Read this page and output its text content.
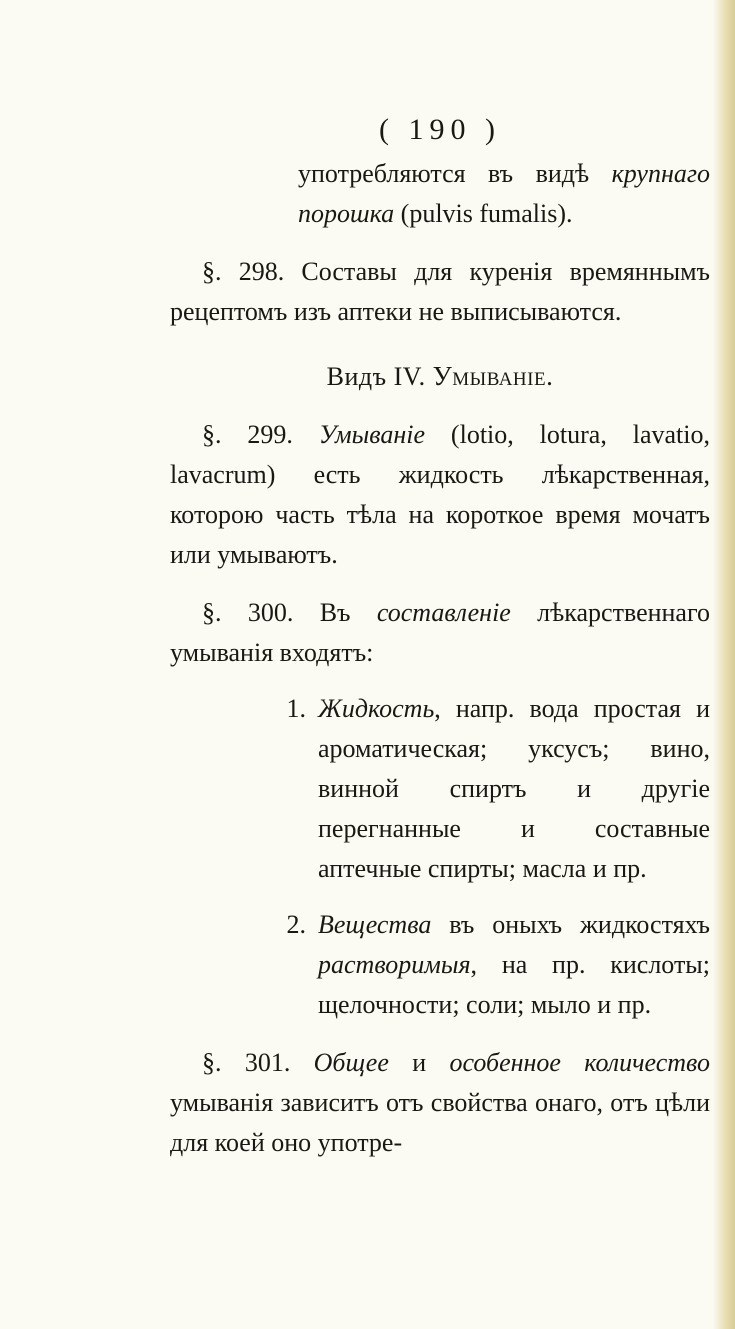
( 190 )

употребляются въ видѣ крупнаго порошка (pulvis fumalis).

§. 298. Составы для куренія времяннымъ рецептомъ изъ аптеки не выписываются.

Видъ IV. Умываніе.

§. 299. Умываніе (lotio, lotura, lavatio, lavacrum) есть жидкость лѣкарственная, которою часть тѣла на короткое время мочатъ или умываютъ.

§. 300. Въ составленіе лѣкарственнаго умыванія входятъ:

1. Жидкость, напр. вода простая и ароматическая; уксусъ; вино, винной спиртъ и другіе перегнанные и составные аптечные спирты; масла и пр.
2. Вещества въ оныхъ жидкостяхъ растворимыя, на пр. кислоты; щелочности; соли; мыло и пр.

§. 301. Общее и особенное количество умыванія зависитъ отъ свойства онаго, отъ цѣли для коей оно употре-
